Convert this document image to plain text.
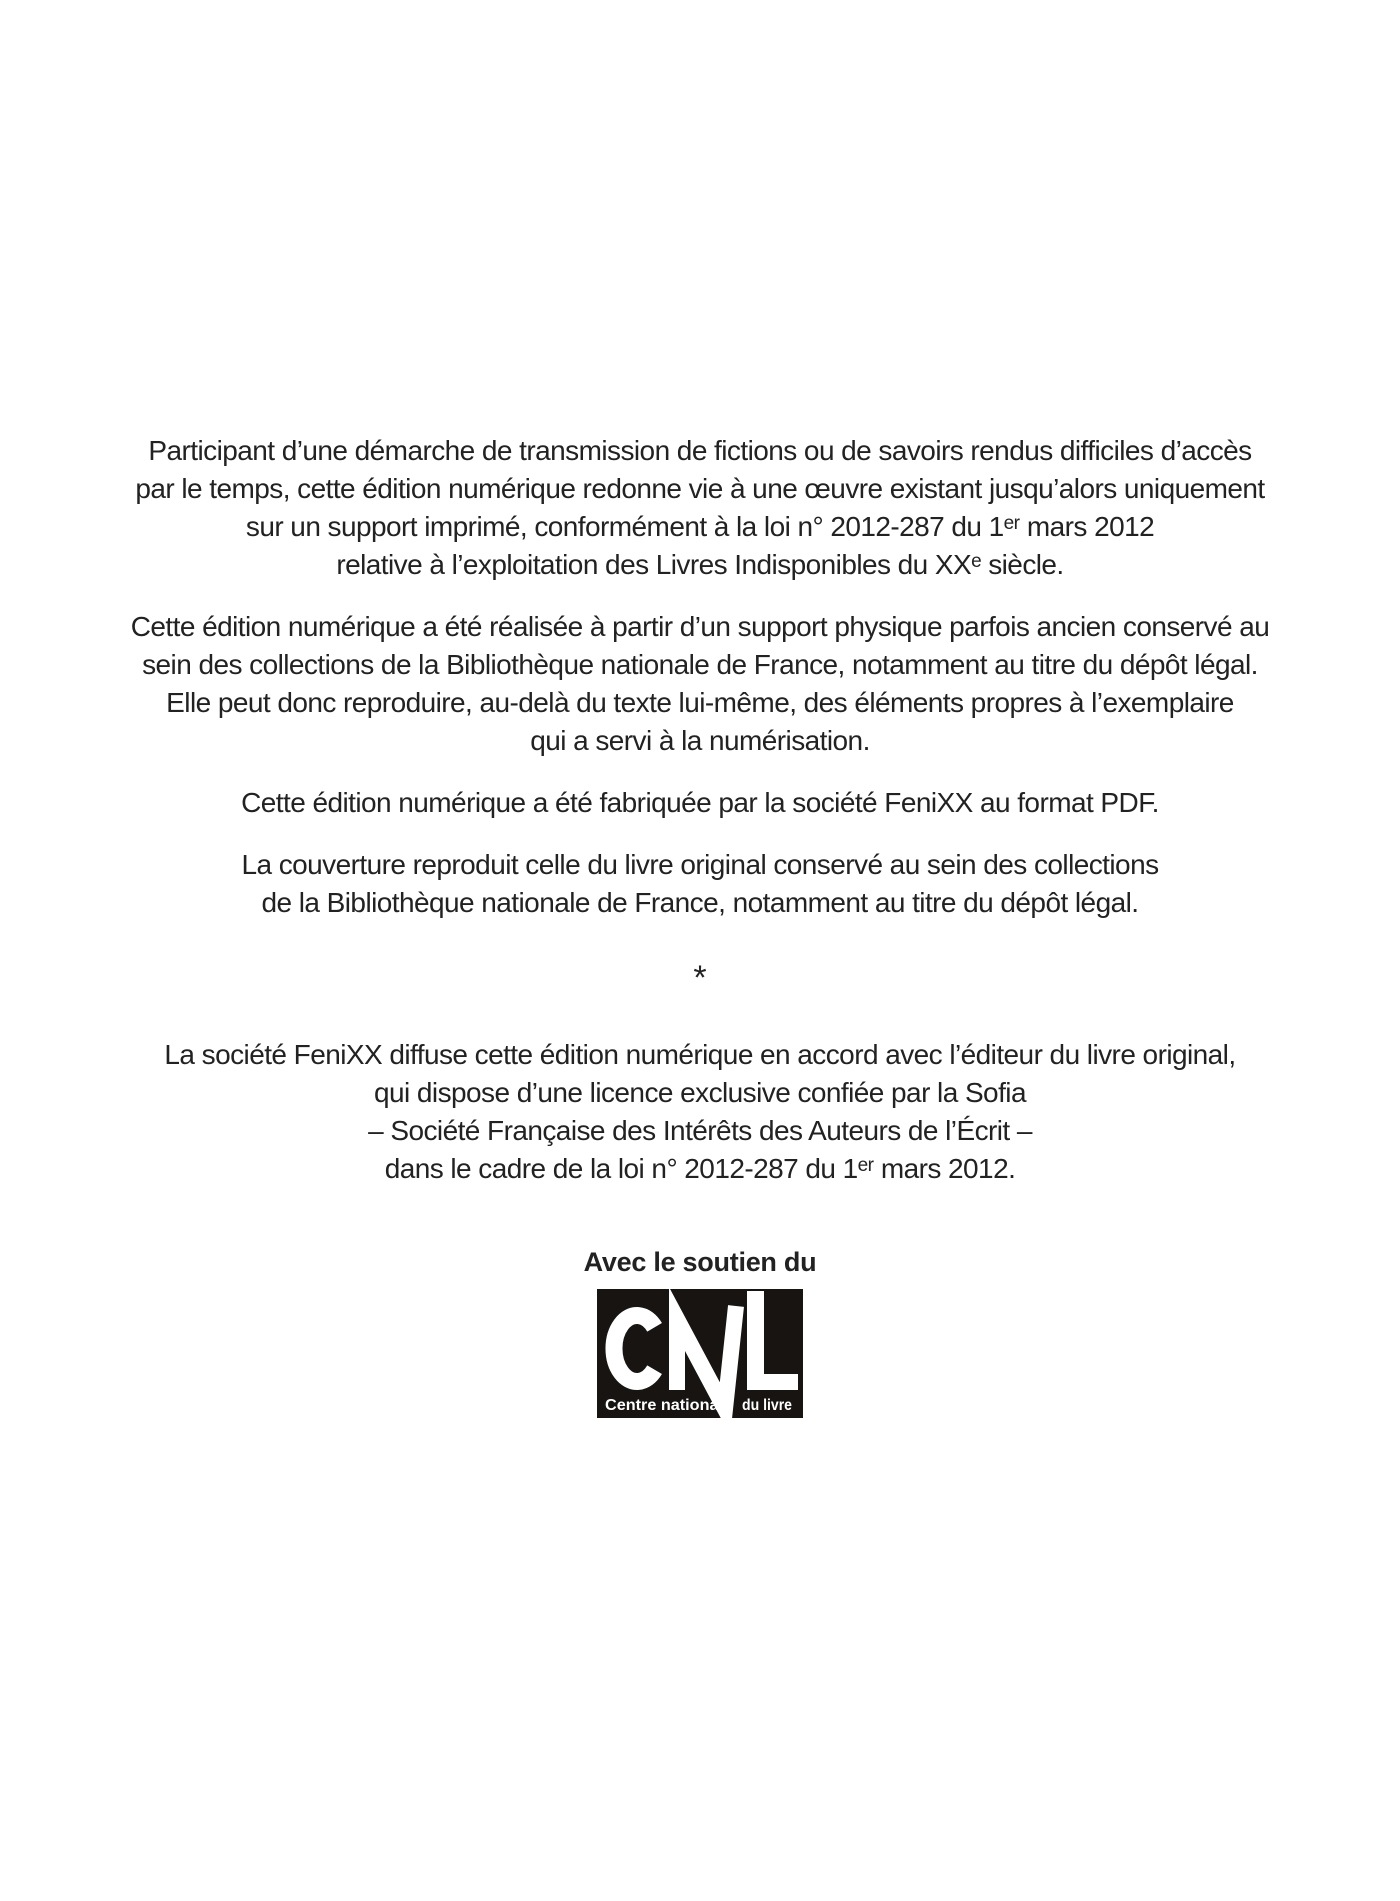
Participant d’une démarche de transmission de fictions ou de savoirs rendus difficiles d’accès
par le temps, cette édition numérique redonne vie à une œuvre existant jusqu’alors uniquement
sur un support imprimé, conformément à la loi n° 2012-287 du 1ᵉʳ mars 2012
relative à l’exploitation des Livres Indisponibles du XXᵉ siècle.

Cette édition numérique a été réalisée à partir d’un support physique parfois ancien conservé au
sein des collections de la Bibliothèque nationale de France, notamment au titre du dépôt légal.
Elle peut donc reproduire, au-delà du texte lui-même, des éléments propres à l’exemplaire
qui a servi à la numérisation.

Cette édition numérique a été fabriquée par la société FeniXX au format PDF.

La couverture reproduit celle du livre original conservé au sein des collections
de la Bibliothèque nationale de France, notamment au titre du dépôt légal.

*

La société FeniXX diffuse cette édition numérique en accord avec l’éditeur du livre original,
qui dispose d’une licence exclusive confiée par la Sofia
– Société Française des Intérêts des Auteurs de l’Écrit –
dans le cadre de la loi n° 2012-287 du 1ᵉʳ mars 2012.

Avec le soutien du
Centre national du livre
